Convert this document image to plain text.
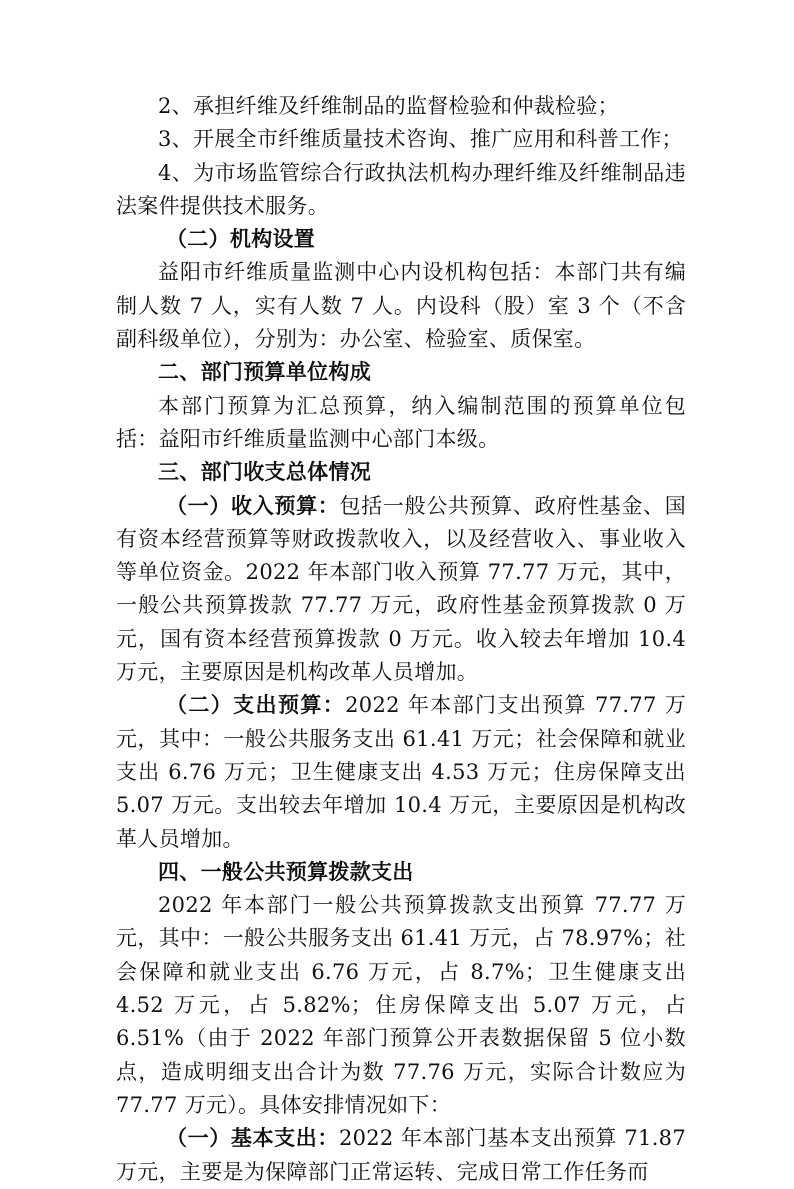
2、承担纤维及纤维制品的监督检验和仲裁检验；

3、开展全市纤维质量技术咨询、推广应用和科普工作；

4、为市场监管综合行政执法机构办理纤维及纤维制品违法案件提供技术服务。

（二）机构设置

益阳市纤维质量监测中心内设机构包括：本部门共有编制人数 7 人，实有人数 7 人。内设科（股）室 3 个（不含副科级单位），分别为：办公室、检验室、质保室。

二、部门预算单位构成

本部门预算为汇总预算，纳入编制范围的预算单位包括：益阳市纤维质量监测中心部门本级。

三、部门收支总体情况

（一）收入预算：包括一般公共预算、政府性基金、国有资本经营预算等财政拨款收入，以及经营收入、事业收入等单位资金。2022 年本部门收入预算 77.77 万元，其中，一般公共预算拨款 77.77 万元，政府性基金预算拨款 0 万元，国有资本经营预算拨款 0 万元。收入较去年增加 10.4 万元，主要原因是机构改革人员增加。

（二）支出预算：2022 年本部门支出预算 77.77 万元，其中：一般公共服务支出 61.41 万元；社会保障和就业支出 6.76 万元；卫生健康支出 4.53 万元；住房保障支出 5.07 万元。支出较去年增加 10.4 万元，主要原因是机构改革人员增加。

四、一般公共预算拨款支出

2022 年本部门一般公共预算拨款支出预算 77.77 万元，其中：一般公共服务支出 61.41 万元，占 78.97%；社会保障和就业支出 6.76 万元，占 8.7%；卫生健康支出 4.52 万元，占 5.82%；住房保障支出 5.07 万元，占 6.51%（由于 2022 年部门预算公开表数据保留 5 位小数点，造成明细支出合计为数 77.76 万元，实际合计数应为 77.77 万元）。具体安排情况如下：

（一）基本支出：2022 年本部门基本支出预算 71.87 万元，主要是为保障部门正常运转、完成日常工作任务而
